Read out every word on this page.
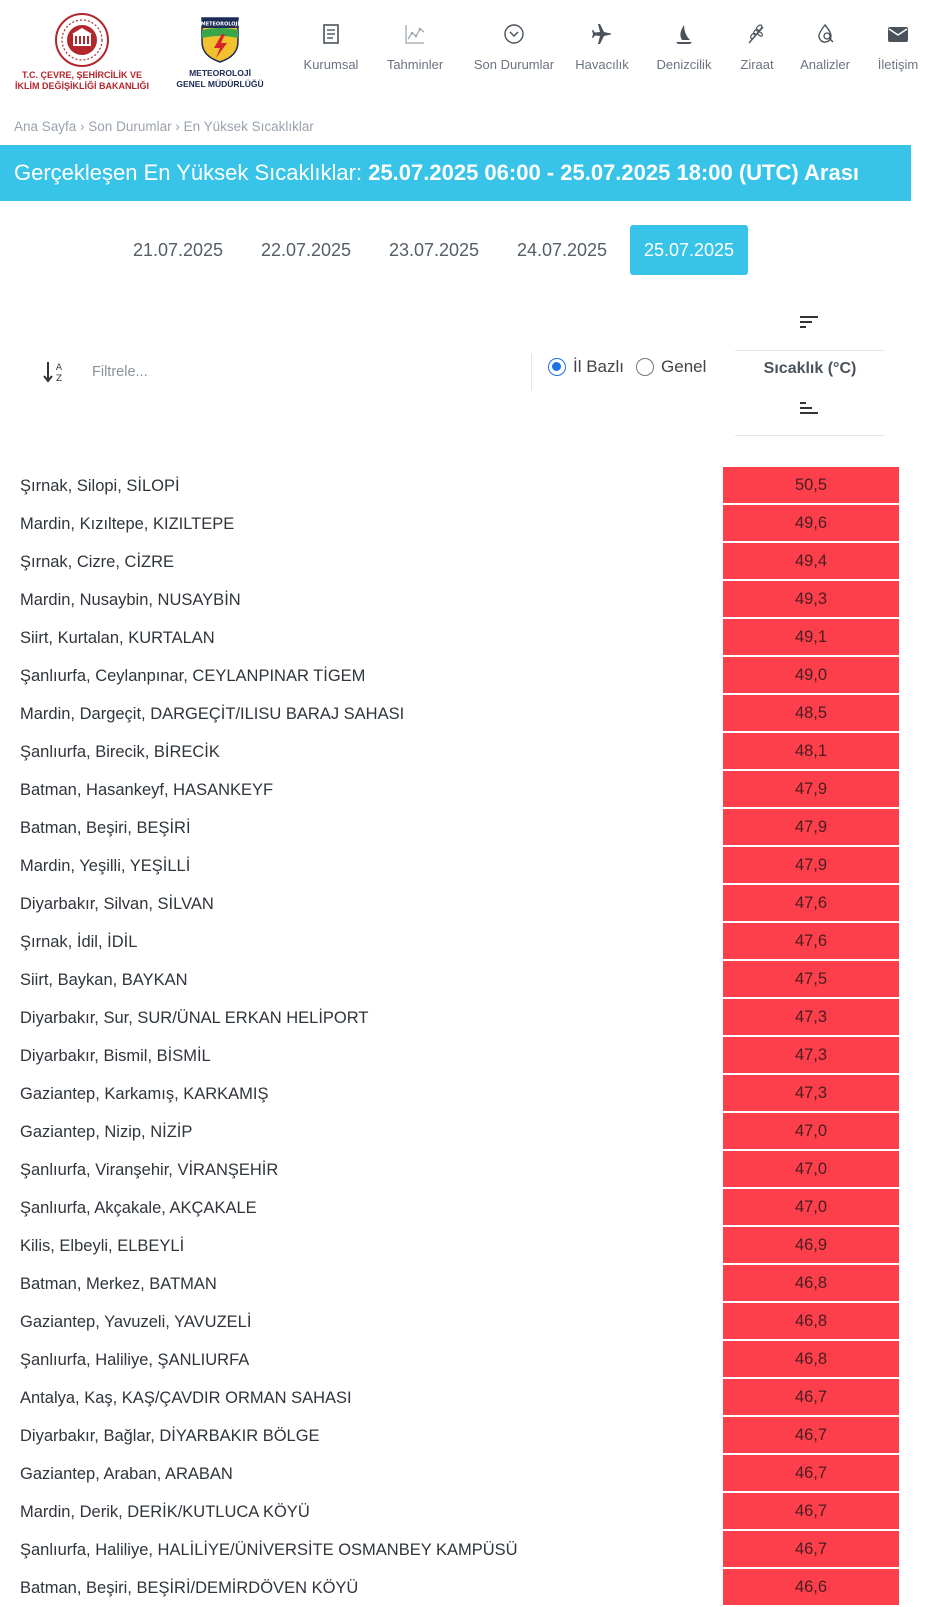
T.C. ÇEVRE, ŞEHİRCİLİK VE
İKLİM DEĞİŞİKLİĞİ BAKANLIĞI
METEOROLOJİ
METEOROLOJİ
GENEL MÜDÜRLÜĞÜ
Kurumsal Tahminler Son Durumlar Havacılık Denizcilik Ziraat Analizler İletişim
Ana Sayfa › Son Durumlar › En Yüksek Sıcaklıklar
Gerçekleşen En Yüksek Sıcaklıklar: 25.07.2025 06:00 - 25.07.2025 18:00 (UTC) Arası
21.07.2025	22.07.2025	23.07.2025	24.07.2025	25.07.2025
A
Z
Filtrele...
İl Bazlı Genel	Sıcaklık (°C)
Şırnak, Silopi, SİLOPİ	50,5
Mardin, Kızıltepe, KIZILTEPE	49,6
Şırnak, Cizre, CİZRE	49,4
Mardin, Nusaybin, NUSAYBİN	49,3
Siirt, Kurtalan, KURTALAN	49,1
Şanlıurfa, Ceylanpınar, CEYLANPINAR TİGEM	49,0
Mardin, Dargeçit, DARGEÇİT/ILISU BARAJ SAHASI	48,5
Şanlıurfa, Birecik, BİRECİK	48,1
Batman, Hasankeyf, HASANKEYF	47,9
Batman, Beşiri, BEŞİRİ	47,9
Mardin, Yeşilli, YEŞİLLİ	47,9
Diyarbakır, Silvan, SİLVAN	47,6
Şırnak, İdil, İDİL	47,6
Siirt, Baykan, BAYKAN	47,5
Diyarbakır, Sur, SUR/ÜNAL ERKAN HELİPORT	47,3
Diyarbakır, Bismil, BİSMİL	47,3
Gaziantep, Karkamış, KARKAMIŞ	47,3
Gaziantep, Nizip, NİZİP	47,0
Şanlıurfa, Viranşehir, VİRANŞEHİR	47,0
Şanlıurfa, Akçakale, AKÇAKALE	47,0
Kilis, Elbeyli, ELBEYLİ	46,9
Batman, Merkez, BATMAN	46,8
Gaziantep, Yavuzeli, YAVUZELİ	46,8
Şanlıurfa, Haliliye, ŞANLIURFA	46,8
Antalya, Kaş, KAŞ/ÇAVDIR ORMAN SAHASI	46,7
Diyarbakır, Bağlar, DİYARBAKIR BÖLGE	46,7
Gaziantep, Araban, ARABAN	46,7
Mardin, Derik, DERİK/KUTLUCA KÖYÜ	46,7
Şanlıurfa, Haliliye, HALİLİYE/ÜNİVERSİTE OSMANBEY KAMPÜSÜ	46,7
Batman, Beşiri, BEŞİRİ/DEMİRDÖVEN KÖYÜ	46,6
